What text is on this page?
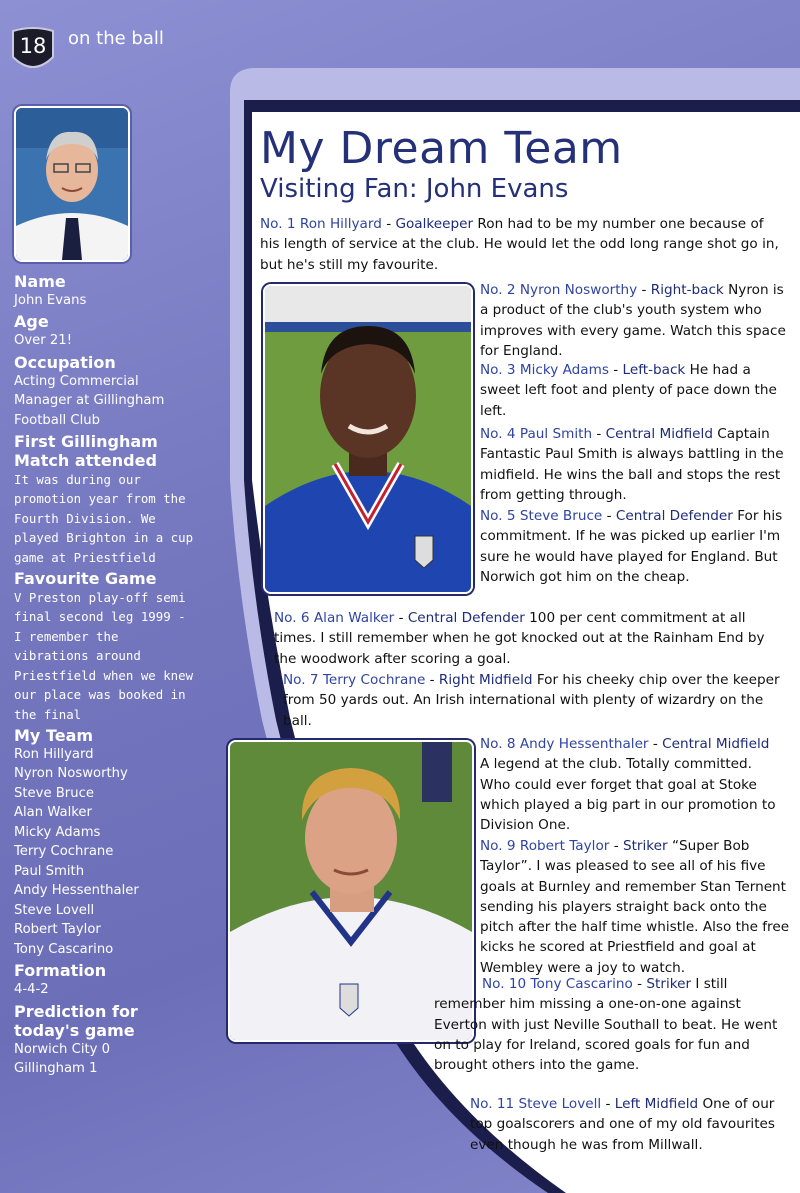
18	on the ball
Name
John Evans
Age
Over 21!
Occupation
Acting Commercial Manager at Gillingham Football Club
First Gillingham
Match attended
It was during our promotion year from the Fourth Division. We played Brighton in a cup game at Priestfield
Favourite Game
V Preston play-off semi final second leg 1999 - I remember the vibrations around Priestfield when we knew our place was booked in the final
My Team
Ron Hillyard
Nyron Nosworthy
Steve Bruce
Alan Walker
Micky Adams
Terry Cochrane
Paul Smith
Andy Hessenthaler
Steve Lovell
Robert Taylor
Tony Cascarino
Formation
4-4-2
Prediction for
today's game
Norwich City 0
Gillingham 1
My Dream Team
Visiting Fan: John Evans
No. 1 Ron Hillyard - Goalkeeper Ron had to be my number one because of his length of service at the club. He would let the odd long range shot go in, but he's still my favourite.
No. 2 Nyron Nosworthy - Right-back Nyron is a product of the club's youth system who improves with every game. Watch this space for England.
No. 3 Micky Adams - Left-back He had a sweet left foot and plenty of pace down the left.
No. 4 Paul Smith - Central Midfield Captain Fantastic Paul Smith is always battling in the midfield. He wins the ball and stops the rest from getting through.
No. 5 Steve Bruce - Central Defender For his commitment. If he was picked up earlier I'm sure he would have played for England. But Norwich got him on the cheap.
No. 6 Alan Walker - Central Defender 100 per cent commitment at all times. I still remember when he got knocked out at the Rainham End by the woodwork after scoring a goal.
No. 7 Terry Cochrane - Right Midfield For his cheeky chip over the keeper from 50 yards out. An Irish international with plenty of wizardry on the ball.
No. 8 Andy Hessenthaler - Central Midfield A legend at the club. Totally committed. Who could ever forget that goal at Stoke which played a big part in our promotion to Division One.
No. 9 Robert Taylor - Striker “Super Bob Taylor”. I was pleased to see all of his five goals at Burnley and remember Stan Ternent sending his players straight back onto the pitch after the half time whistle. Also the free kicks he scored at Priestfield and goal at Wembley were a joy to watch.
No. 10 Tony Cascarino - Striker I still remember him missing a one-on-one against Everton with just Neville Southall to beat. He went on to play for Ireland, scored goals for fun and brought others into the game.
No. 11 Steve Lovell - Left Midfield One of our top goalscorers and one of my old favourites even though he was from Millwall.
